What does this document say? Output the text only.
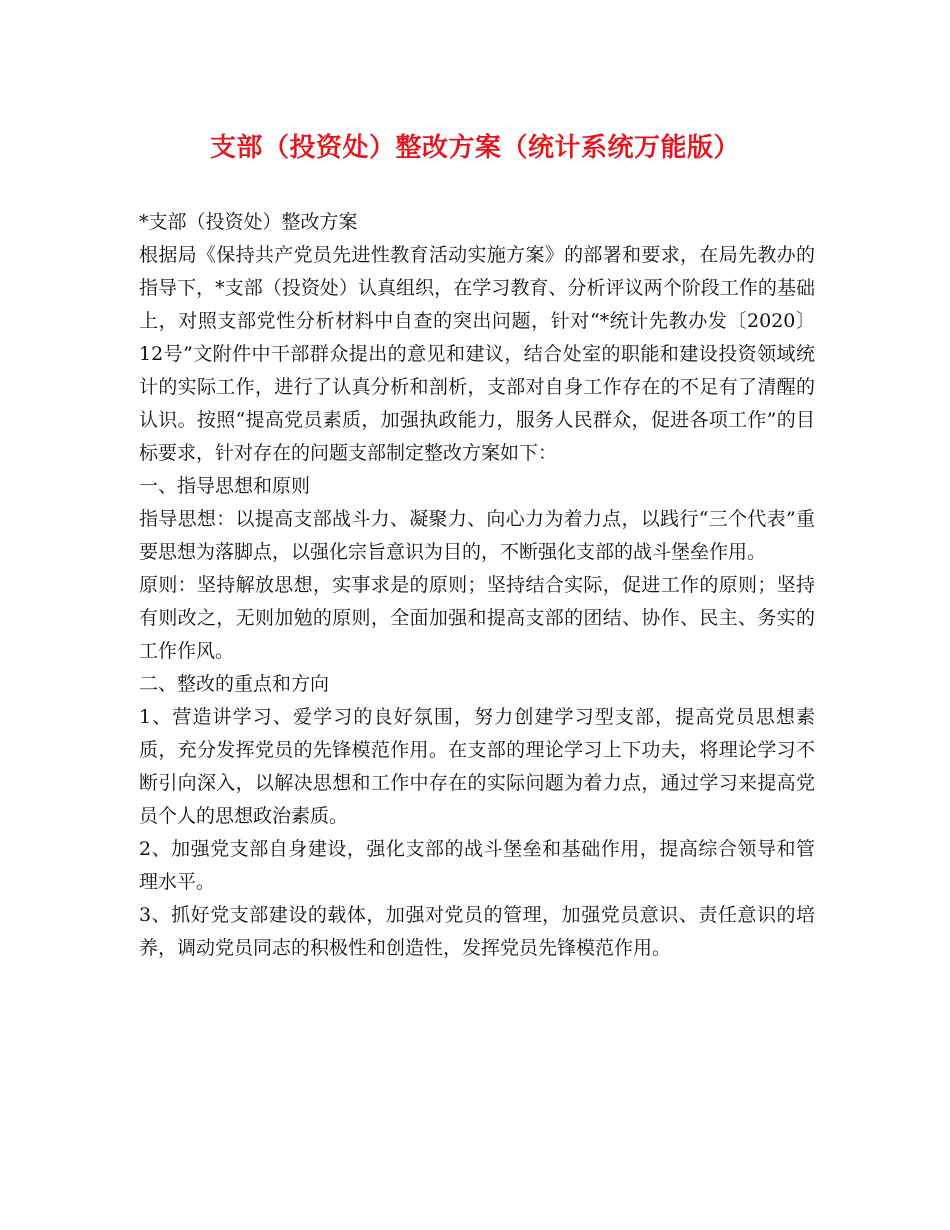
支部（投资处）整改方案（统计系统万能版）

*支部（投资处）整改方案

根据局《保持共产党员先进性教育活动实施方案》的部署和要求，在局先教办的指导下，*支部（投资处）认真组织，在学习教育、分析评议两个阶段工作的基础上，对照支部党性分析材料中自查的突出问题，针对“*统计先教办发〔2020〕12号”文附件中干部群众提出的意见和建议，结合处室的职能和建设投资领域统计的实际工作，进行了认真分析和剖析，支部对自身工作存在的不足有了清醒的认识。按照“提高党员素质，加强执政能力，服务人民群众，促进各项工作”的目标要求，针对存在的问题支部制定整改方案如下：

一、指导思想和原则

指导思想：以提高支部战斗力、凝聚力、向心力为着力点，以践行“三个代表”重要思想为落脚点，以强化宗旨意识为目的，不断强化支部的战斗堡垒作用。

原则：坚持解放思想，实事求是的原则；坚持结合实际，促进工作的原则；坚持有则改之，无则加勉的原则，全面加强和提高支部的团结、协作、民主、务实的工作作风。

二、整改的重点和方向

1、营造讲学习、爱学习的良好氛围，努力创建学习型支部，提高党员思想素质，充分发挥党员的先锋模范作用。在支部的理论学习上下功夫，将理论学习不断引向深入，以解决思想和工作中存在的实际问题为着力点，通过学习来提高党员个人的思想政治素质。

2、加强党支部自身建设，强化支部的战斗堡垒和基础作用，提高综合领导和管理水平。

3、抓好党支部建设的载体，加强对党员的管理，加强党员意识、责任意识的培养，调动党员同志的积极性和创造性，发挥党员先锋模范作用。
